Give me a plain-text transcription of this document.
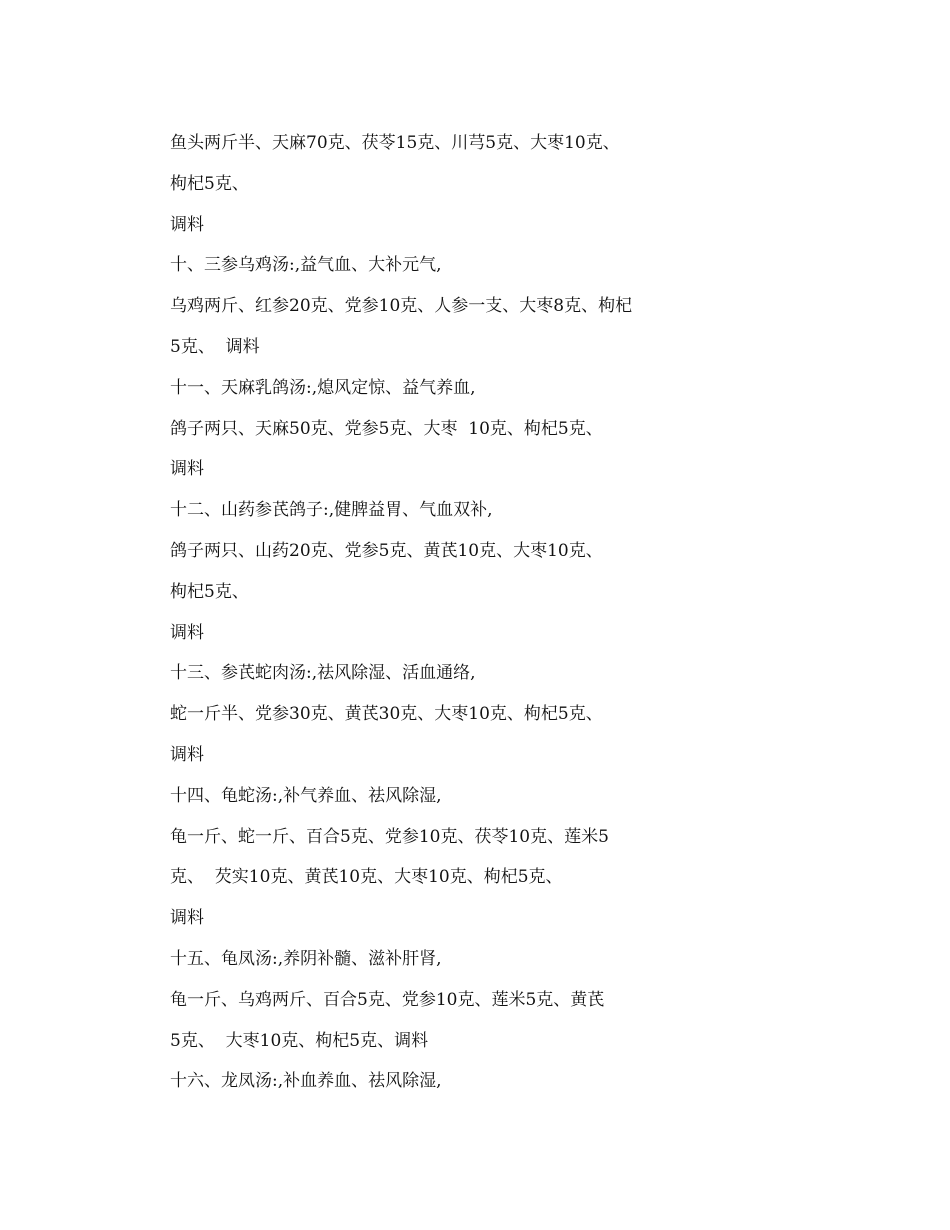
鱼头两斤半、天麻70克、茯苓15克、川芎5克、大枣10克、

枸杞5克、

调料

十、三参乌鸡汤:,益气血、大补元气,

乌鸡两斤、红参20克、党参10克、人参一支、大枣8克、枸杞

5克、  调料

十一、天麻乳鸽汤:,熄风定惊、益气养血,

鸽子两只、天麻50克、党参5克、大枣  10克、枸杞5克、

调料

十二、山药参芪鸽子:,健脾益胃、气血双补,

鸽子两只、山药20克、党参5克、黄芪10克、大枣10克、

枸杞5克、

调料

十三、参芪蛇肉汤:,祛风除湿、活血通络,

蛇一斤半、党参30克、黄芪30克、大枣10克、枸杞5克、

调料

十四、龟蛇汤:,补气养血、祛风除湿,

龟一斤、蛇一斤、百合5克、党参10克、茯苓10克、莲米5

克、  芡实10克、黄芪10克、大枣10克、枸杞5克、

调料

十五、龟凤汤:,养阴补髓、滋补肝肾,

龟一斤、乌鸡两斤、百合5克、党参10克、莲米5克、黄芪

5克、  大枣10克、枸杞5克、调料

十六、龙凤汤:,补血养血、祛风除湿,
